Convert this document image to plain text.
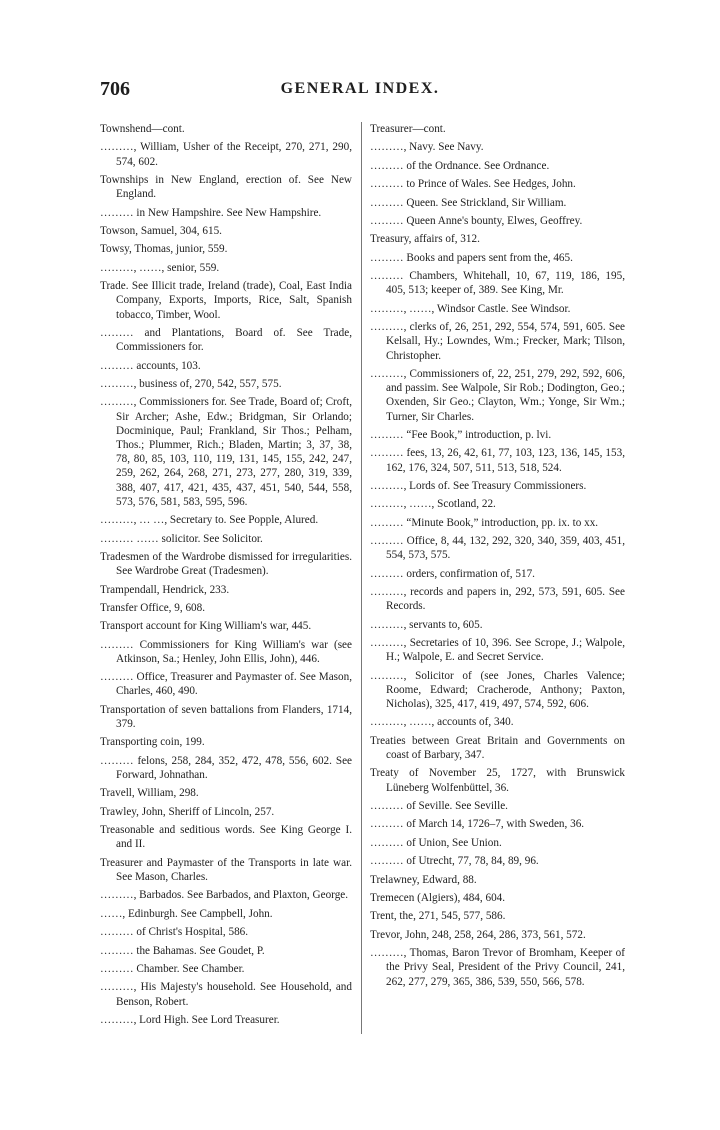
706	GENERAL INDEX.
Townshend—cont.
………, William, Usher of the Receipt, 270, 271, 290, 574, 602.
Townships in New England, erection of. See New England.
……… in New Hampshire. See New Hampshire.
Towson, Samuel, 304, 615.
Towsy, Thomas, junior, 559.
………, ……, senior, 559.
Trade. See Illicit trade, Ireland (trade), Coal, East India Company, Exports, Imports, Rice, Salt, Spanish tobacco, Timber, Wool.
……… and Plantations, Board of. See Trade, Commissioners for.
……… accounts, 103.
………, business of, 270, 542, 557, 575.
………, Commissioners for. See Trade, Board of; Croft, Sir Archer; Ashe, Edw.; Bridgman, Sir Orlando; Docminique, Paul; Frankland, Sir Thos.; Pelham, Thos.; Plummer, Rich.; Bladen, Martin; 3, 37, 38, 78, 80, 85, 103, 110, 119, 131, 145, 155, 242, 247, 259, 262, 264, 268, 271, 273, 277, 280, 319, 339, 388, 407, 417, 421, 435, 437, 451, 540, 544, 558, 573, 576, 581, 583, 595, 596.
………, … …, Secretary to. See Popple, Alured.
……… …… solicitor. See Solicitor.
Tradesmen of the Wardrobe dismissed for irregularities. See Wardrobe Great (Tradesmen).
Trampendall, Hendrick, 233.
Transfer Office, 9, 608.
Transport account for King William's war, 445.
……… Commissioners for King William's war (see Atkinson, Sa.; Henley, John Ellis, John), 446.
……… Office, Treasurer and Paymaster of. See Mason, Charles, 460, 490.
Transportation of seven battalions from Flanders, 1714, 379.
Transporting coin, 199.
……… felons, 258, 284, 352, 472, 478, 556, 602. See Forward, Johnathan.
Travell, William, 298.
Trawley, John, Sheriff of Lincoln, 257.
Treasonable and seditious words. See King George I. and II.
Treasurer and Paymaster of the Transports in late war. See Mason, Charles.
………, Barbados. See Barbados, and Plaxton, George.
……, Edinburgh. See Campbell, John.
……… of Christ's Hospital, 586.
……… the Bahamas. See Goudet, P.
……… Chamber. See Chamber.
………, His Majesty's household. See Household, and Benson, Robert.
………, Lord High. See Lord Treasurer.
Treasurer—cont.
………, Navy. See Navy.
……… of the Ordnance. See Ordnance.
……… to Prince of Wales. See Hedges, John.
……… Queen. See Strickland, Sir William.
……… Queen Anne's bounty, Elwes, Geoffrey.
Treasury, affairs of, 312.
……… Books and papers sent from the, 465.
……… Chambers, Whitehall, 10, 67, 119, 186, 195, 405, 513; keeper of, 389. See King, Mr.
………, ……, Windsor Castle. See Windsor.
………, clerks of, 26, 251, 292, 554, 574, 591, 605. See Kelsall, Hy.; Lowndes, Wm.; Frecker, Mark; Tilson, Christopher.
………, Commissioners of, 22, 251, 279, 292, 592, 606, and passim. See Walpole, Sir Rob.; Dodington, Geo.; Oxenden, Sir Geo.; Clayton, Wm.; Yonge, Sir Wm.; Turner, Sir Charles.
……… “Fee Book,” introduction, p. lvi.
……… fees, 13, 26, 42, 61, 77, 103, 123, 136, 145, 153, 162, 176, 324, 507, 511, 513, 518, 524.
………, Lords of. See Treasury Commissioners.
………, ……, Scotland, 22.
……… “Minute Book,” introduction, pp. ix. to xx.
……… Office, 8, 44, 132, 292, 320, 340, 359, 403, 451, 554, 573, 575.
……… orders, confirmation of, 517.
………, records and papers in, 292, 573, 591, 605. See Records.
………, servants to, 605.
………, Secretaries of 10, 396. See Scrope, J.; Walpole, H.; Walpole, E. and Secret Service.
………, Solicitor of (see Jones, Charles Valence; Roome, Edward; Cracherode, Anthony; Paxton, Nicholas), 325, 417, 419, 497, 574, 592, 606.
………, ……, accounts of, 340.
Treaties between Great Britain and Governments on coast of Barbary, 347.
Treaty of November 25, 1727, with Brunswick Lüneberg Wolfenbüttel, 36.
……… of Seville. See Seville.
……… of March 14, 1726–7, with Sweden, 36.
……… of Union, See Union.
……… of Utrecht, 77, 78, 84, 89, 96.
Trelawney, Edward, 88.
Tremecen (Algiers), 484, 604.
Trent, the, 271, 545, 577, 586.
Trevor, John, 248, 258, 264, 286, 373, 561, 572.
………, Thomas, Baron Trevor of Bromham, Keeper of the Privy Seal, President of the Privy Council, 241, 262, 277, 279, 365, 386, 539, 550, 566, 578.
